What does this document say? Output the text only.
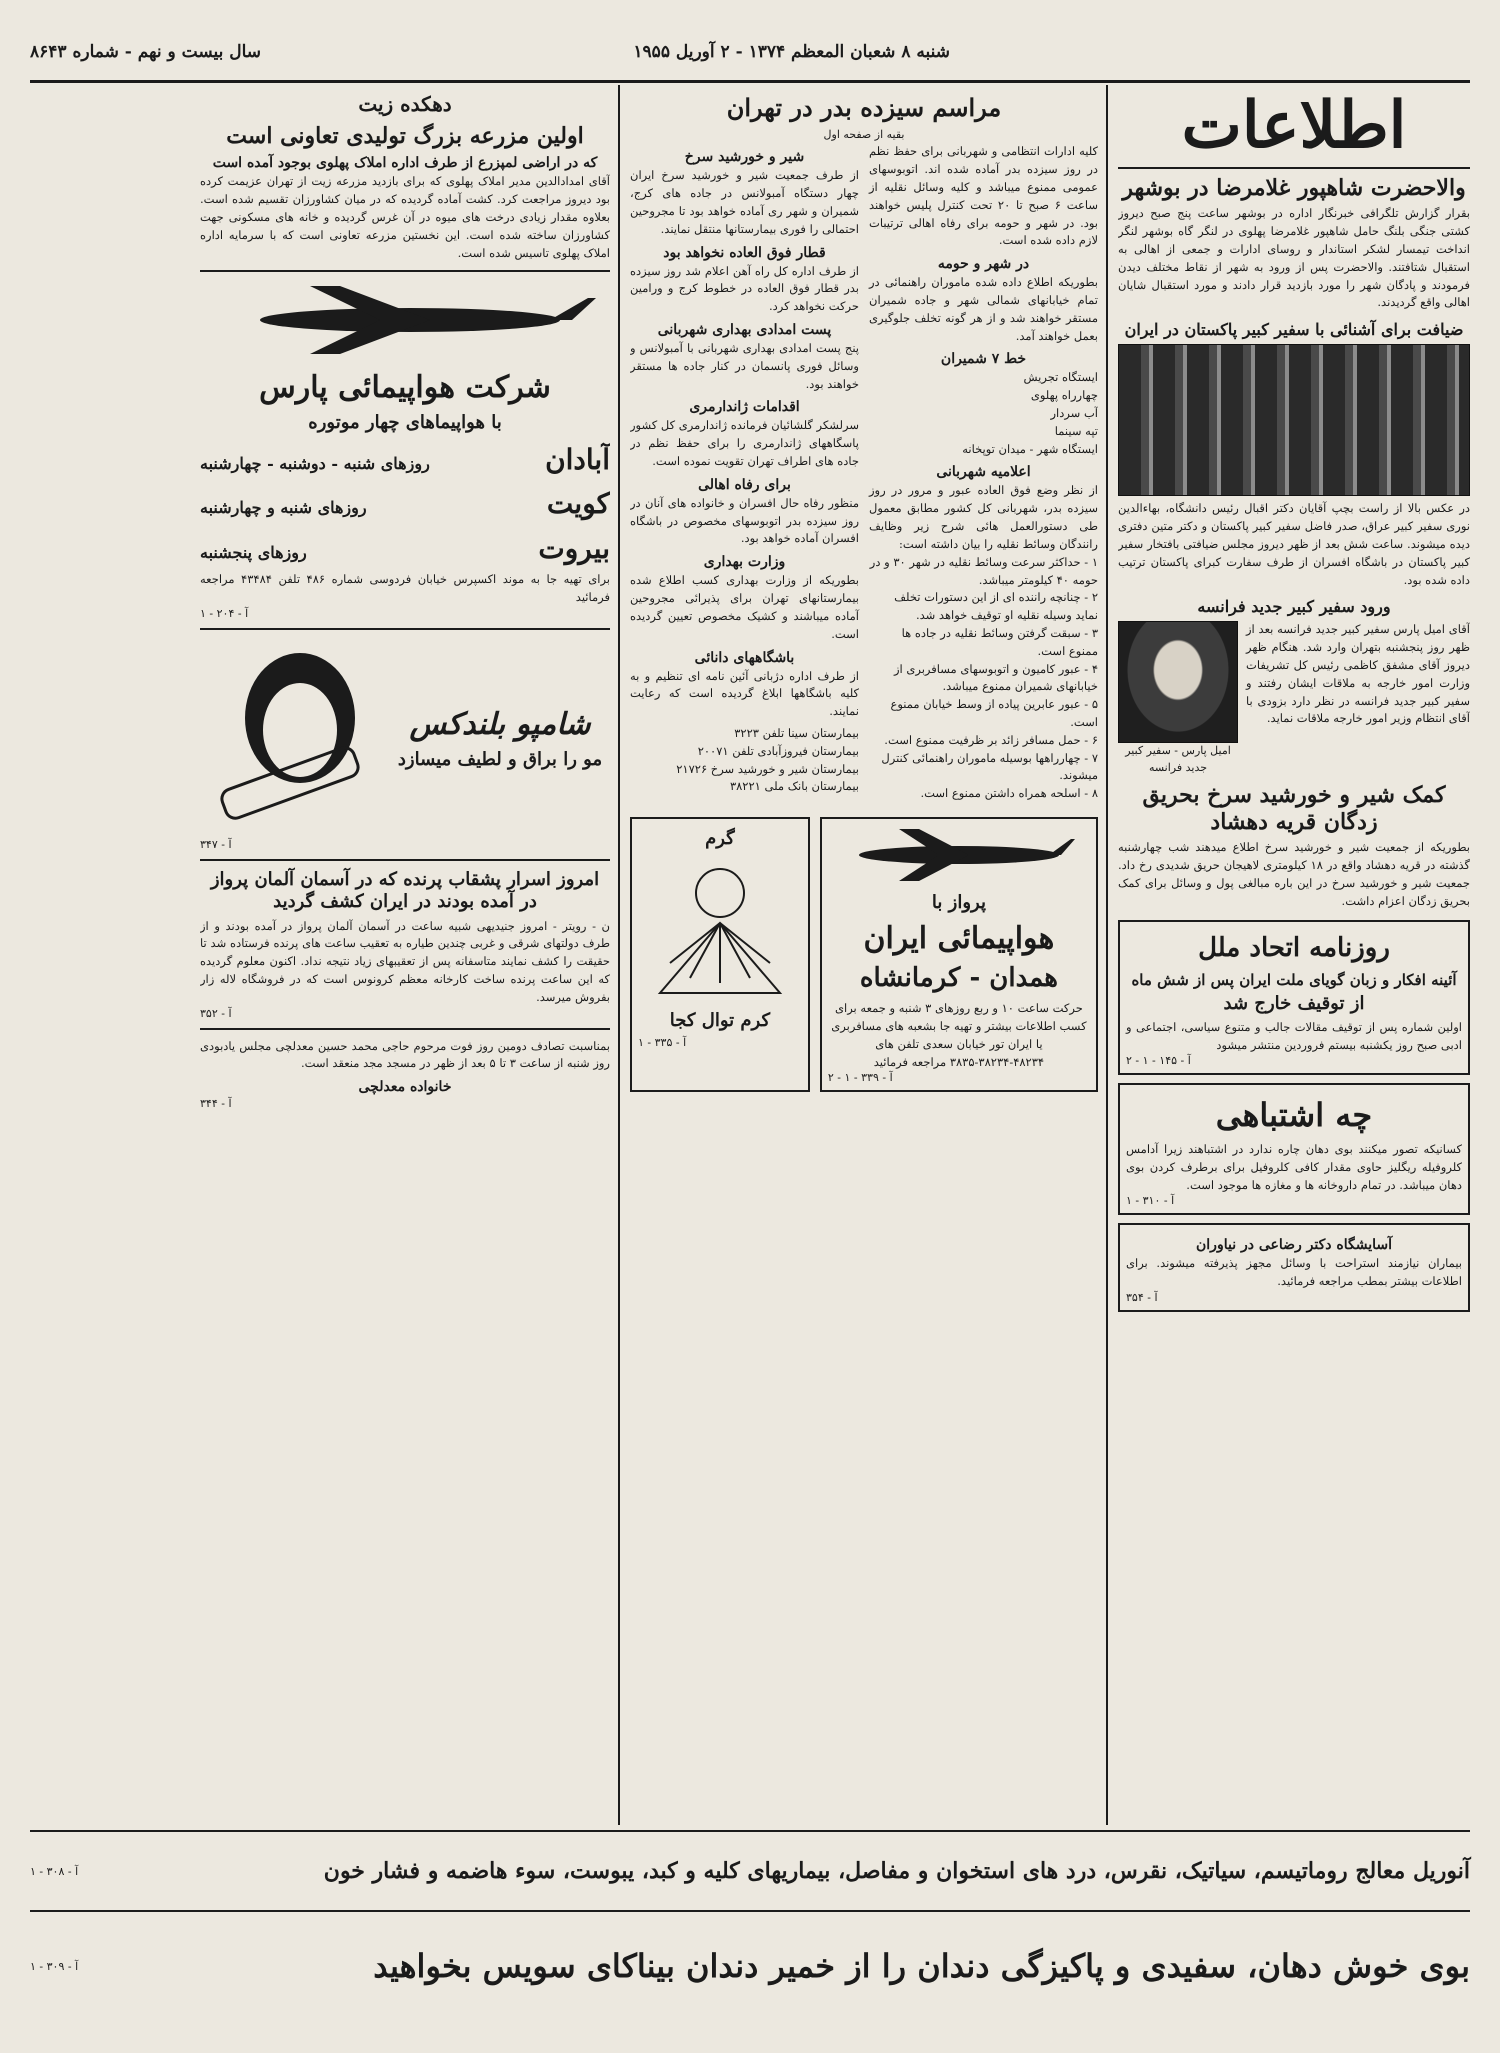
شنبه ۸ شعبان المعظم ۱۳۷۴ - ۲ آوریل ۱۹۵۵
سال بیست و نهم - شماره ۸۶۴۳
اطلاعات
والاحضرت شاهپور غلامرضا در بوشهر

بقرار گزارش تلگرافی خبرنگار اداره در بوشهر ساعت پنج صبح دیروز کشتی جنگی بلنگ حامل شاهپور غلامرضا پهلوی در لنگر گاه بوشهر لنگر انداخت تیمسار لشکر استاندار و روسای ادارات و جمعی از اهالی به استقبال شتافتند. والاحضرت پس از ورود به شهر از نقاط مختلف دیدن فرمودند و پادگان شهر را مورد بازدید قرار دادند و مورد استقبال شایان اهالی واقع گردیدند.

ضیافت برای آشنائی با سفیر کبیر پاکستان در ایران

در عکس بالا از راست بچپ آقایان دکتر اقبال رئیس دانشگاه، بهاءالدین نوری سفیر کبیر عراق، صدر فاضل سفیر کبیر پاکستان و دکتر متین دفتری دیده میشوند. ساعت شش بعد از ظهر دیروز مجلس ضیافتی بافتخار سفیر کبیر پاکستان در باشگاه افسران از طرف سفارت کبرای پاکستان ترتیب داده شده بود.

ورود سفیر کبیر جدید فرانسه

آقای امیل پارس سفیر کبیر جدید فرانسه بعد از ظهر روز پنجشنبه بتهران وارد شد. هنگام ظهر دیروز آقای مشفق کاظمی رئیس کل تشریفات وزارت امور خارجه به ملاقات ایشان رفتند و سفیر کبیر جدید فرانسه در نظر دارد بزودی با آقای انتظام وزیر امور خارجه ملاقات نماید.

امیل پارس - سفیر کبیر جدید فرانسه
کمک شیر و خورشید سرخ بحریق زدگان قریه دهشاد

بطوریکه از جمعیت شیر و خورشید سرخ اطلاع میدهند شب چهارشنبه گذشته در قریه دهشاد واقع در ۱۸ کیلومتری لاهیجان حریق شدیدی رخ داد. جمعیت شیر و خورشید سرخ در این باره مبالغی پول و وسائل برای کمک بحریق زدگان اعزام داشت.

روزنامه اتحاد ملل
آئینه افکار و زبان گویای ملت ایران پس از شش ماه
از توقیف خارج شد

اولین شماره پس از توقیف مقالات جالب و متنوع سیاسی، اجتماعی و ادبی صبح روز یکشنبه بیستم فروردین منتشر میشود

آ - ۱۴۵ - ۱ - ۲
چه اشتباهی

کسانیکه تصور میکنند بوی دهان چاره ندارد در اشتباهند زیرا آدامس کلروفیله ریگلیز حاوی مقدار کافی کلروفیل برای برطرف کردن بوی دهان میباشد. در تمام داروخانه ها و مغازه ها موجود است.

آ - ۳۱۰ - ۱
آسایشگاه دکتر رضاعی در نیاوران

بیماران نیازمند استراحت با وسائل مجهز پذیرفته میشوند. برای اطلاعات بیشتر بمطب مراجعه فرمائید.

آ - ۳۵۴
مراسم سیزده بدر در تهران
بقیه از صفحه اول

کلیه ادارات انتظامی و شهربانی برای حفظ نظم در روز سیزده بدر آماده شده اند. اتوبوسهای عمومی ممنوع میباشد و کلیه وسائل نقلیه از ساعت ۶ صبح تا ۲۰ تحت کنترل پلیس خواهند بود. در شهر و حومه برای رفاه اهالی ترتیبات لازم داده شده است.

در شهر و حومه

بطوریکه اطلاع داده شده ماموران راهنمائی در تمام خیابانهای شمالی شهر و جاده شمیران مستقر خواهند شد و از هر گونه تخلف جلوگیری بعمل خواهند آمد.

خط ۷ شمیران
ایستگاه تجریش
چهارراه پهلوی
آب سردار
تپه سینما
ایستگاه شهر - میدان توپخانه
اعلامیه شهربانی

از نظر وضع فوق العاده عبور و مرور در روز سیزده بدر، شهربانی کل کشور مطابق معمول طی دستورالعمل هائی شرح زیر وظایف رانندگان وسائط نقلیه را بیان داشته است:

۱ - حداکثر سرعت وسائط نقلیه در شهر ۳۰ و در حومه ۴۰ کیلومتر میباشد.
۲ - چنانچه راننده ای از این دستورات تخلف نماید وسیله نقلیه او توقیف خواهد شد.
۳ - سبقت گرفتن وسائط نقلیه در جاده ها ممنوع است.
۴ - عبور کامیون و اتوبوسهای مسافربری از خیابانهای شمیران ممنوع میباشد.
۵ - عبور عابرین پیاده از وسط خیابان ممنوع است.
۶ - حمل مسافر زائد بر ظرفیت ممنوع است.
۷ - چهارراهها بوسیله ماموران راهنمائی کنترل میشوند.
۸ - اسلحه همراه داشتن ممنوع است.
شیر و خورشید سرخ

از طرف جمعیت شیر و خورشید سرخ ایران چهار دستگاه آمبولانس در جاده های کرج، شمیران و شهر ری آماده خواهد بود تا مجروحین احتمالی را فوری بیمارستانها منتقل نمایند.

قطار فوق العاده نخواهد بود

از طرف اداره کل راه آهن اعلام شد روز سیزده بدر قطار فوق العاده در خطوط کرج و ورامین حرکت نخواهد کرد.

پست امدادی بهداری شهربانی

پنج پست امدادی بهداری شهربانی با آمبولانس و وسائل فوری پانسمان در کنار جاده ها مستقر خواهند بود.

اقدامات ژاندارمری

سرلشکر گلشائیان فرمانده ژاندارمری کل کشور پاسگاههای ژاندارمری را برای حفظ نظم در جاده های اطراف تهران تقویت نموده است.

برای رفاه اهالی

منظور رفاه حال افسران و خانواده های آنان در روز سیزده بدر اتوبوسهای مخصوص در باشگاه افسران آماده خواهد بود.

وزارت بهداری

بطوریکه از وزارت بهداری کسب اطلاع شده بیمارستانهای تهران برای پذیرائی مجروحین آماده میباشند و کشیک مخصوص تعیین گردیده است.

باشگاههای دانائی

از طرف اداره دژبانی آئین نامه ای تنظیم و به کلیه باشگاهها ابلاغ گردیده است که رعایت نمایند.

بیمارستان سینا تلفن ۳۲۲۳
بیمارستان فیروزآبادی تلفن ۲۰۰۷۱
بیمارستان شیر و خورشید سرخ ۲۱۷۲۶
بیمارستان بانک ملی ۳۸۲۲۱
پرواز با
هواپیمائی ایران
همدان - کرمانشاه

حرکت ساعت ۱۰ و ربع روزهای ۳ شنبه و جمعه برای کسب اطلاعات بیشتر و تهیه جا بشعبه های مسافربری یا ایران تور خیابان سعدی تلفن های ۴۸۲۳۴-۳۸۲۳۴-۳۸۳۵ مراجعه فرمائید

آ - ۳۳۹ - ۱ - ۲
گرم
کرم توال کجا
آ - ۳۳۵ - ۱
دهکده زیت
اولین مزرعه بزرگ تولیدی تعاونی است
که در اراضی لمپزرع از طرف اداره املاک پهلوی بوجود آمده است

آقای امدادالدین مدیر املاک پهلوی که برای بازدید مزرعه زیت از تهران عزیمت کرده بود دیروز مراجعت کرد. کشت آماده گردیده که در میان کشاورزان تقسیم شده است. بعلاوه مقدار زیادی درخت های میوه در آن غرس گردیده و خانه های مسکونی جهت کشاورزان ساخته شده است. این نخستین مزرعه تعاونی است که با سرمایه اداره املاک پهلوی تاسیس شده است.

شرکت هواپیمائی پارس
با هواپیماهای چهار موتوره
آبادان
روزهای شنبه - دوشنبه - چهارشنبه
کویت
روزهای شنبه و چهارشنبه
بیروت
روزهای پنجشنبه

برای تهیه جا به موند اکسپرس خیابان فردوسی شماره ۴۸۶ تلفن ۴۳۴۸۴ مراجعه فرمائید

آ - ۲۰۴ - ۱
شامپو بلندکس
مو را براق و لطیف میسازد
آ - ۳۴۷
امروز اسرار پشقاب پرنده که در آسمان آلمان پرواز در آمده بودند در ایران کشف گردید

ن - رویتر - امروز جنیدیهی شبیه ساعت در آسمان آلمان پرواز در آمده بودند و از طرف دولتهای شرقی و غربی چندین طیاره به تعقیب ساعت های پرنده فرستاده شد تا حقیقت را کشف نمایند متاسفانه پس از تعقیبهای زیاد نتیجه نداد. اکنون معلوم گردیده که این ساعت پرنده ساخت کارخانه معظم کرونوس است که در فروشگاه لاله زار بفروش میرسد.

آ - ۳۵۲

بمناسبت تصادف دومین روز فوت مرحوم حاجی محمد حسین معدلچی مجلس یادبودی روز شنبه از ساعت ۳ تا ۵ بعد از ظهر در مسجد مجد منعقد است.

خانواده معدلچی
آ - ۳۴۴
آنوریل معالج روماتیسم، سیاتیک، نقرس، درد های استخوان و مفاصل، بیماریهای کلیه و کبد، یبوست، سوء هاضمه و فشار خون
آ - ۳۰۸ - ۱
بوی خوش دهان، سفیدی و پاکیزگی دندان را از خمیر دندان بیناکای سویس بخواهید
آ - ۳۰۹ - ۱
